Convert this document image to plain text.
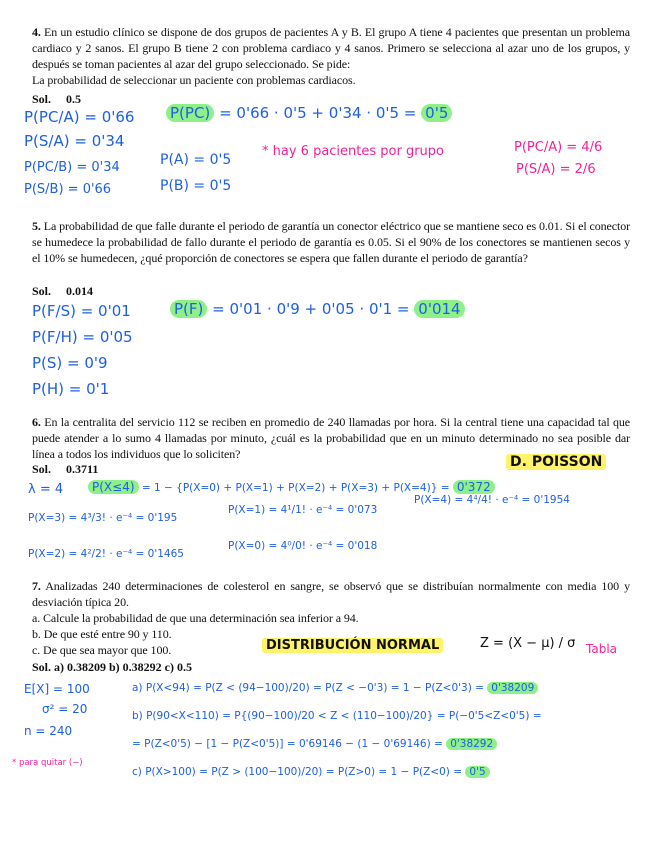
4. En un estudio clínico se dispone de dos grupos de pacientes A y B. El grupo A tiene 4 pacientes que presentan un problema cardiaco y 2 sanos. El grupo B tiene 2 con problema cardiaco y 4 sanos. Primero se selecciona al azar uno de los grupos, y después se toman pacientes al azar del grupo seleccionado. Se pide:
La probabilidad de seleccionar un paciente con problemas cardiacos.

Sol. 0.5
P(PC/A) = 0'66
P(S/A) = 0'34
P(PC/B) = 0'34
P(S/B) = 0'66
P(PC) = 0'66 · 0'5 + 0'34 · 0'5 = 0'5
P(A) = 0'5
P(B) = 0'5
* hay 6 pacientes por grupo	P(PC/A) = 4/6
P(S/A) = 2/6

5. La probabilidad de que falle durante el periodo de garantía un conector eléctrico que se mantiene seco es 0.01. Si el conector se humedece la probabilidad de fallo durante el periodo de garantía es 0.05. Si el 90% de los conectores se mantienen secos y el 10% se humedecen, ¿qué proporción de conectores se espera que fallen durante el periodo de garantía?

Sol. 0.014
P(F/S) = 0'01
P(F/H) = 0'05
P(S) = 0'9
P(H) = 0'1
P(F) = 0'01 · 0'9 + 0'05 · 0'1 = 0'014

6. En la centralita del servicio 112 se reciben en promedio de 240 llamadas por hora. Si la central tiene una capacidad tal que puede atender a lo sumo 4 llamadas por minuto, ¿cuál es la probabilidad que en un minuto determinado no sea posible dar línea a todos los individuos que lo soliciten?	D. POISSON
Sol. 0.3711
λ = 4	P(X≤4) = 1 − {P(X=0) + P(X=1) + P(X=2) + P(X=3) + P(X=4)} = 0'372
P(X=3) = 4³/3! · e⁻⁴ = 0'195
P(X=1) = 4¹/1! · e⁻⁴ = 0'073
P(X=4) = 4⁴/4! · e⁻⁴ = 0'1954
P(X=2) = 4²/2! · e⁻⁴ = 0'1465
P(X=0) = 4⁰/0! · e⁻⁴ = 0'018

7. Analizadas 240 determinaciones de colesterol en sangre, se observó que se distribuían normalmente con media 100 y desviación típica 20.
a. Calcule la probabilidad de que una determinación sea inferior a 94.
b. De que esté entre 90 y 110.
c. De que sea mayor que 100.

Sol. a) 0.38209 b) 0.38292 c) 0.5
DISTRIBUCIÓN NORMAL	Z = (X − μ) / σ Tabla
E[X] = 100
σ² = 20
n = 240
* para quitar (−)
a) P(X<94) = P(Z < (94−100)/20) = P(Z < −0'3) = 1 − P(Z<0'3) = 0'38209
b) P(90<X<110) = P{(90−100)/20 < Z < (110−100)/20} = P(−0'5<Z<0'5) =
= P(Z<0'5) − [1 − P(Z<0'5)] = 0'69146 − (1 − 0'69146) = 0'38292
c) P(X>100) = P(Z > (100−100)/20) = P(Z>0) = 1 − P(Z<0) = 0'5
